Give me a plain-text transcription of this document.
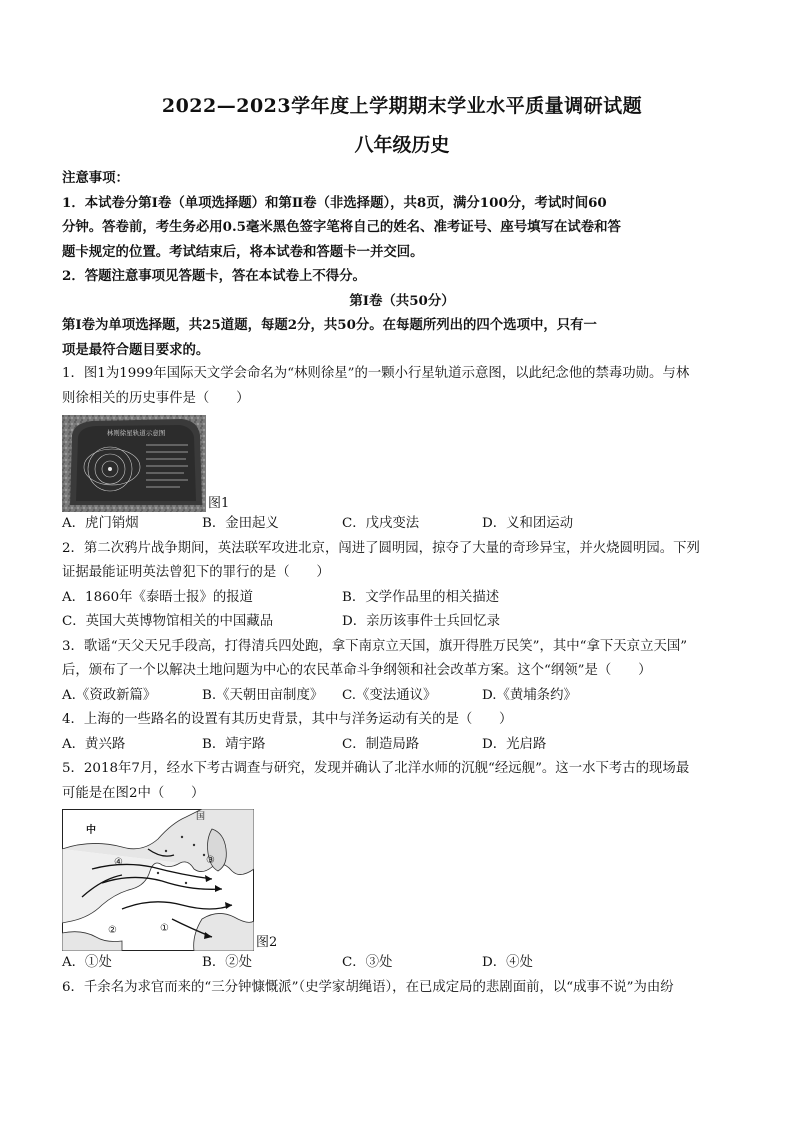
2022—2023学年度上学期期末学业水平质量调研试题
八年级历史

注意事项：

1．本试卷分第Ⅰ卷（单项选择题）和第Ⅱ卷（非选择题），共8页，满分100分，考试时间60

分钟。答卷前，考生务必用0.5毫米黑色签字笔将自己的姓名、准考证号、座号填写在试卷和答

题卡规定的位置。考试结束后，将本试卷和答题卡一并交回。

2．答题注意事项见答题卡，答在本试卷上不得分。

第Ⅰ卷（共50分）

第Ⅰ卷为单项选择题，共25道题，每题2分，共50分。在每题所列出的四个选项中，只有一

项是最符合题目要求的。

1．图1为1999年国际天文学会命名为“林则徐星”的一颗小行星轨道示意图，以此纪念他的禁毒功勋。与林

则徐相关的历史事件是（　　）

林则徐星轨道示意图
图1
A．虎门销烟	B．金田起义	C．戊戌变法	D．义和团运动

2．第二次鸦片战争期间，英法联军攻进北京，闯进了圆明园，掠夺了大量的奇珍异宝，并火烧圆明园。下列

证据最能证明英法曾犯下的罪行的是（　　）

A．1860年《泰晤士报》的报道	B．文学作品里的相关描述
C．英国大英博物馆相关的中国藏品	D．亲历该事件士兵回忆录

3．歌谣“天父天兄手段高，打得清兵四处跑，拿下南京立天国，旗开得胜万民笑”，其中“拿下天京立天国”

后，颁布了一个以解决土地问题为中心的农民革命斗争纲领和社会改革方案。这个“纲领”是（　　）

A.《资政新篇》	B.《天朝田亩制度》	C.《变法通议》	D.《黄埔条约》

4．上海的一些路名的设置有其历史背景，其中与洋务运动有关的是（　　）

A．黄兴路	B．靖宇路	C．制造局路	D．光启路

5．2018年7月，经水下考古调查与研究，发现并确认了北洋水师的沉舰“经远舰”。这一水下考古的现场最

可能是在图2中（　　）

中
国
①
②
③
④
图2
A．①处	B．②处	C．③处	D．④处

6．千余名为求官而来的“三分钟慷慨派”（史学家胡绳语），在已成定局的悲剧面前，以“成事不说”为由纷
